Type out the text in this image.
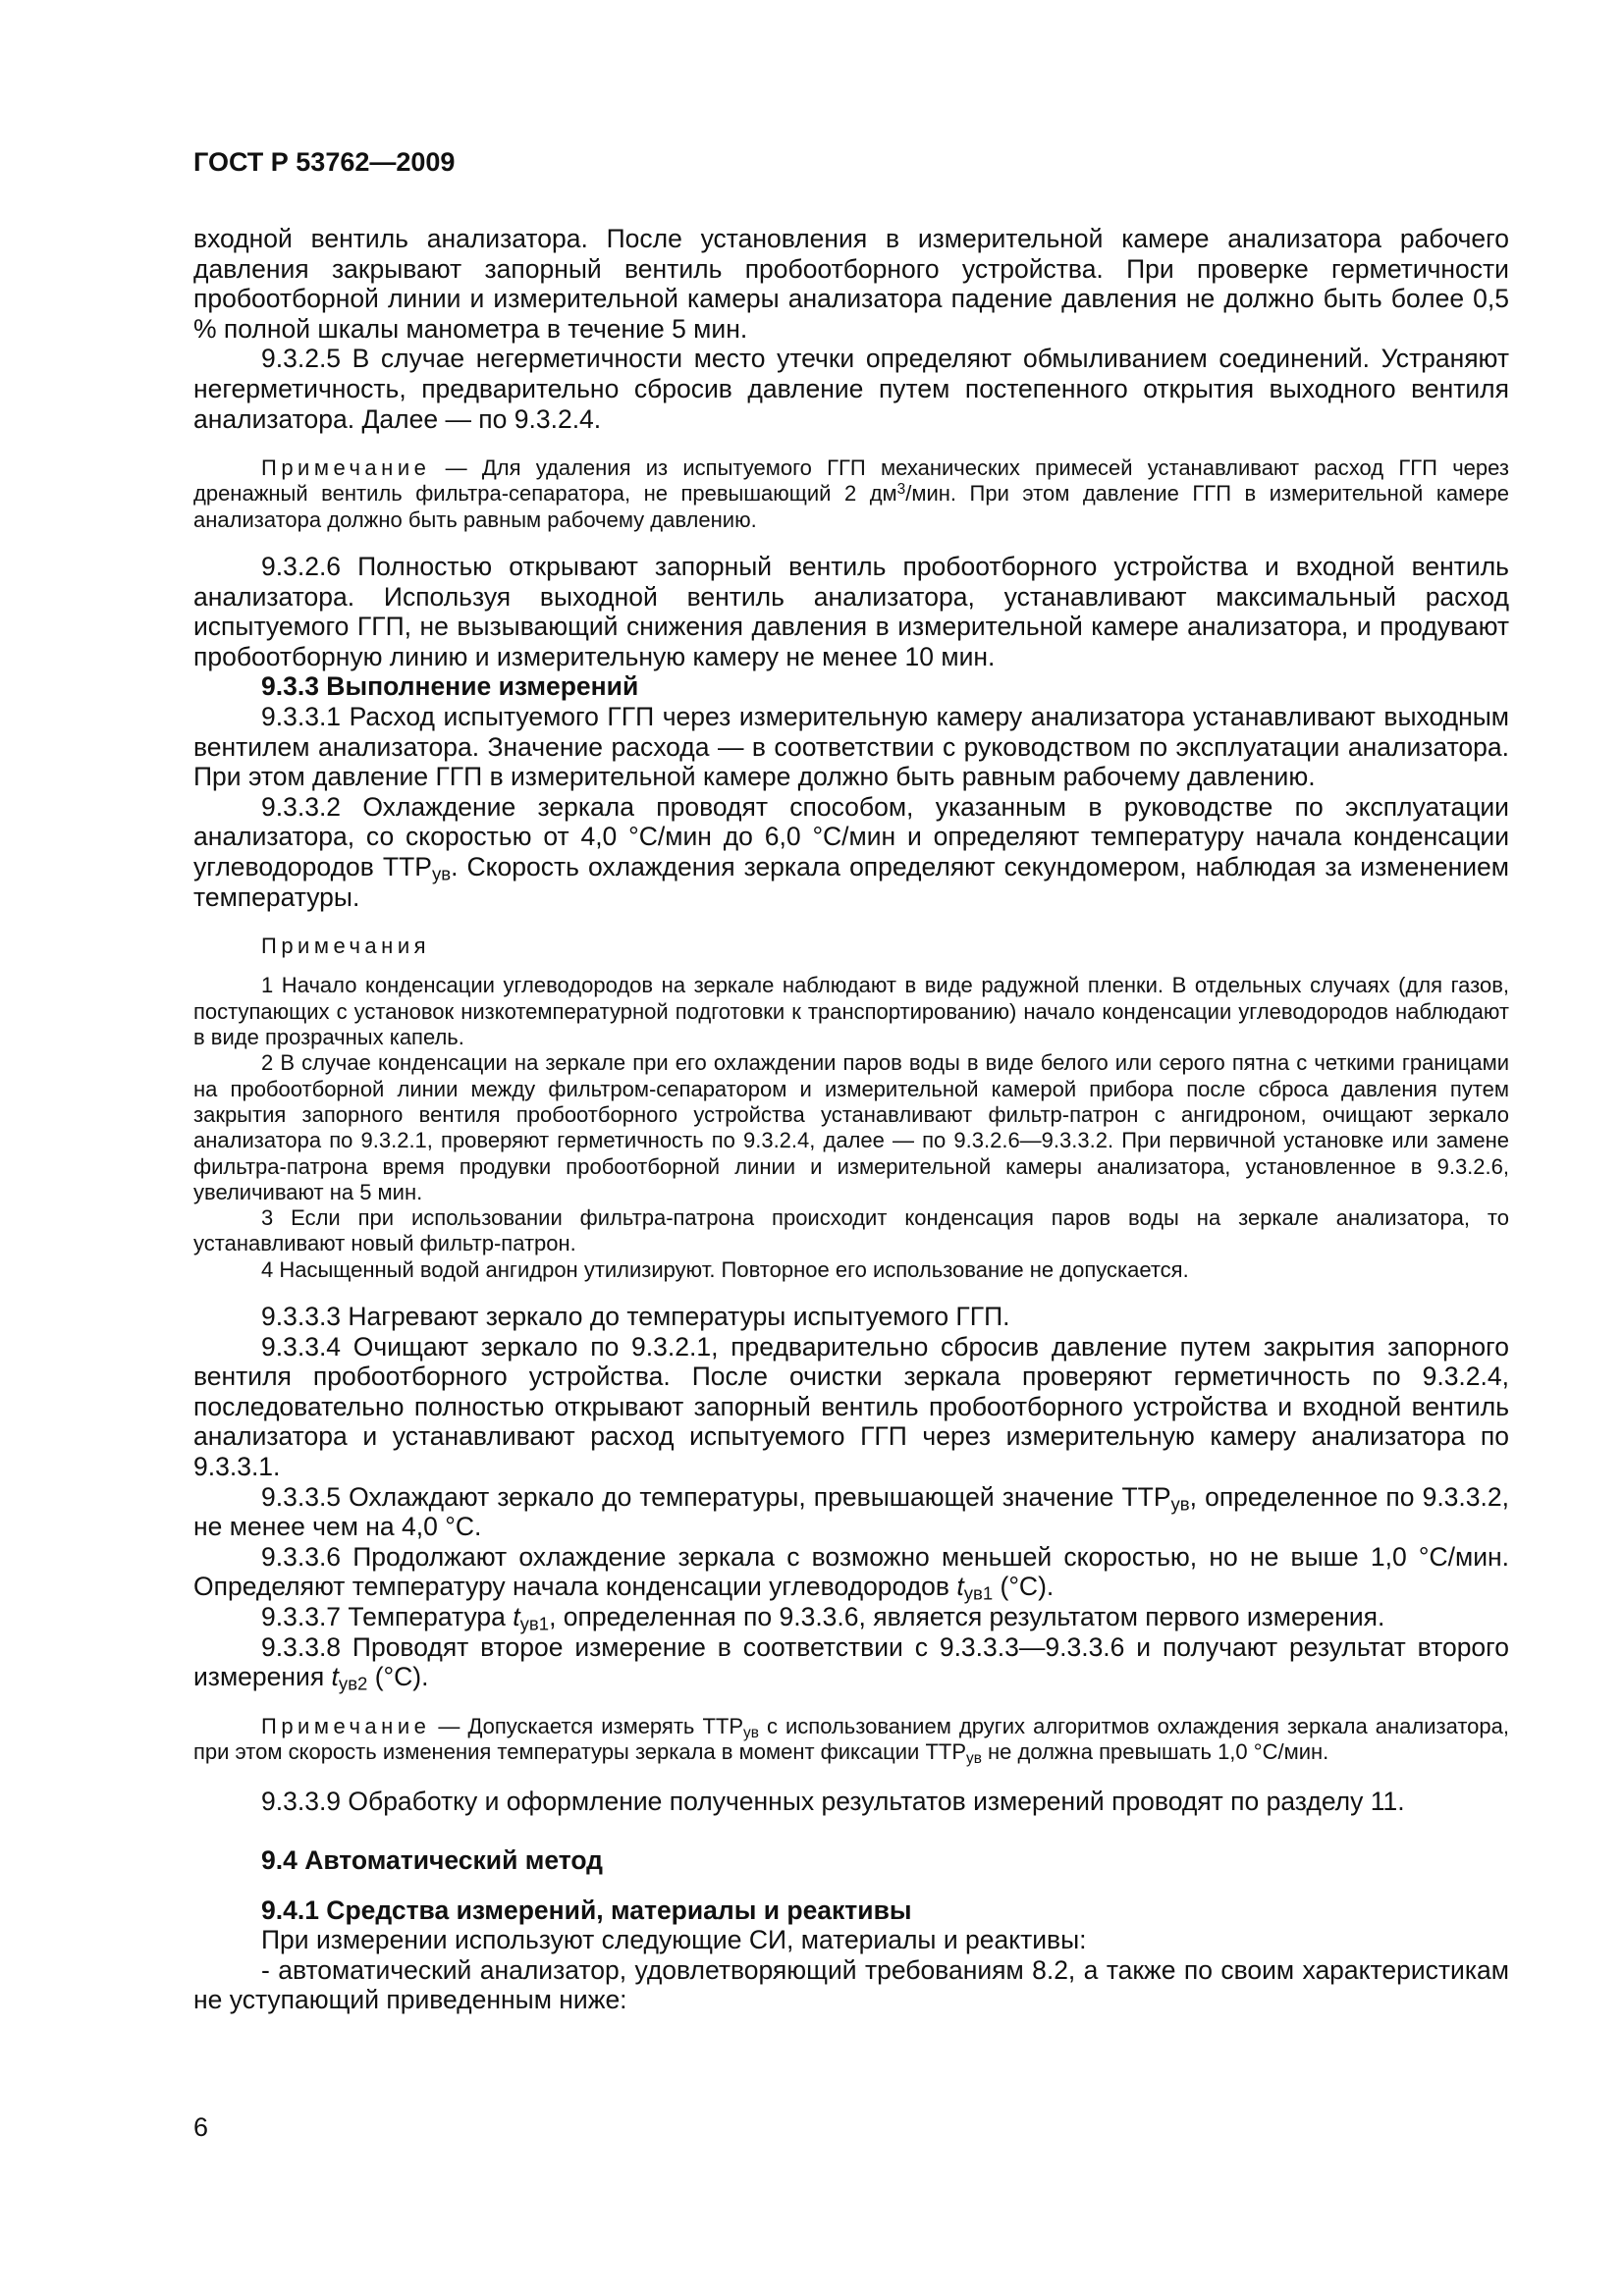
ГОСТ Р 53762—2009

входной вентиль анализатора. После установления в измерительной камере анализатора рабочего давления закрывают запорный вентиль пробоотборного устройства. При проверке герметичности пробоотборной линии и измерительной камеры анализатора падение давления не должно быть более 0,5 % полной шкалы манометра в течение 5 мин.

9.3.2.5 В случае негерметичности место утечки определяют обмыливанием соединений. Устраняют негерметичность, предварительно сбросив давление путем постепенного открытия выходного вентиля анализатора. Далее — по 9.3.2.4.

Примечание — Для удаления из испытуемого ГГП механических примесей устанавливают расход ГГП через дренажный вентиль фильтра-сепаратора, не превышающий 2 $дм^3$/мин. При этом давление ГГП в измерительной камере анализатора должно быть равным рабочему давлению.

9.3.2.6 Полностью открывают запорный вентиль пробоотборного устройства и входной вентиль анализатора. Используя выходной вентиль анализатора, устанавливают максимальный расход испытуемого ГГП, не вызывающий снижения давления в измерительной камере анализатора, и продувают пробоотборную линию и измерительную камеру не менее 10 мин.

9.3.3 Выполнение измерений

9.3.3.1 Расход испытуемого ГГП через измерительную камеру анализатора устанавливают выходным вентилем анализатора. Значение расхода — в соответствии с руководством по эксплуатации анализатора. При этом давление ГГП в измерительной камере должно быть равным рабочему давлению.

9.3.3.2 Охлаждение зеркала проводят способом, указанным в руководстве по эксплуатации анализатора, со скоростью от 4,0 °С/мин до 6,0 °С/мин и определяют температуру начала конденсации углеводородов $ТТР_{ув}$. Скорость охлаждения зеркала определяют секундомером, наблюдая за изменением температуры.

Примечания

1 Начало конденсации углеводородов на зеркале наблюдают в виде радужной пленки. В отдельных случаях (для газов, поступающих с установок низкотемпературной подготовки к транспортированию) начало конденсации углеводородов наблюдают в виде прозрачных капель.

2 В случае конденсации на зеркале при его охлаждении паров воды в виде белого или серого пятна с четкими границами на пробоотборной линии между фильтром-сепаратором и измерительной камерой прибора после сброса давления путем закрытия запорного вентиля пробоотборного устройства устанавливают фильтр-патрон с ангидроном, очищают зеркало анализатора по 9.3.2.1, проверяют герметичность по 9.3.2.4, далее — по 9.3.2.6—9.3.3.2. При первичной установке или замене фильтра-патрона время продувки пробоотборной линии и измерительной камеры анализатора, установленное в 9.3.2.6, увеличивают на 5 мин.

3 Если при использовании фильтра-патрона происходит конденсация паров воды на зеркале анализатора, то устанавливают новый фильтр-патрон.

4 Насыщенный водой ангидрон утилизируют. Повторное его использование не допускается.

9.3.3.3 Нагревают зеркало до температуры испытуемого ГГП.

9.3.3.4 Очищают зеркало по 9.3.2.1, предварительно сбросив давление путем закрытия запорного вентиля пробоотборного устройства. После очистки зеркала проверяют герметичность по 9.3.2.4, последовательно полностью открывают запорный вентиль пробоотборного устройства и входной вентиль анализатора и устанавливают расход испытуемого ГГП через измерительную камеру анализатора по 9.3.3.1.

9.3.3.5 Охлаждают зеркало до температуры, превышающей значение $ТТР_{ув}$, определенное по 9.3.3.2, не менее чем на 4,0 °С.

9.3.3.6 Продолжают охлаждение зеркала с возможно меньшей скоростью, но не выше 1,0 °С/мин. Определяют температуру начала конденсации углеводородов $t_{ув1}$ (°С).

9.3.3.7 Температура $t_{ув1}$, определенная по 9.3.3.6, является результатом первого измерения.

9.3.3.8 Проводят второе измерение в соответствии с 9.3.3.3—9.3.3.6 и получают результат второго измерения $t_{ув2}$ (°С).

Примечание — Допускается измерять $ТТР_{ув}$ с использованием других алгоритмов охлаждения зеркала анализатора, при этом скорость изменения температуры зеркала в момент фиксации $ТТР_{ув}$ не должна превышать 1,0 °С/мин.

9.3.3.9 Обработку и оформление полученных результатов измерений проводят по разделу 11.

9.4 Автоматический метод

9.4.1 Средства измерений, материалы и реактивы

При измерении используют следующие СИ, материалы и реактивы:

- автоматический анализатор, удовлетворяющий требованиям 8.2, а также по своим характеристикам не уступающий приведенным ниже:

6
